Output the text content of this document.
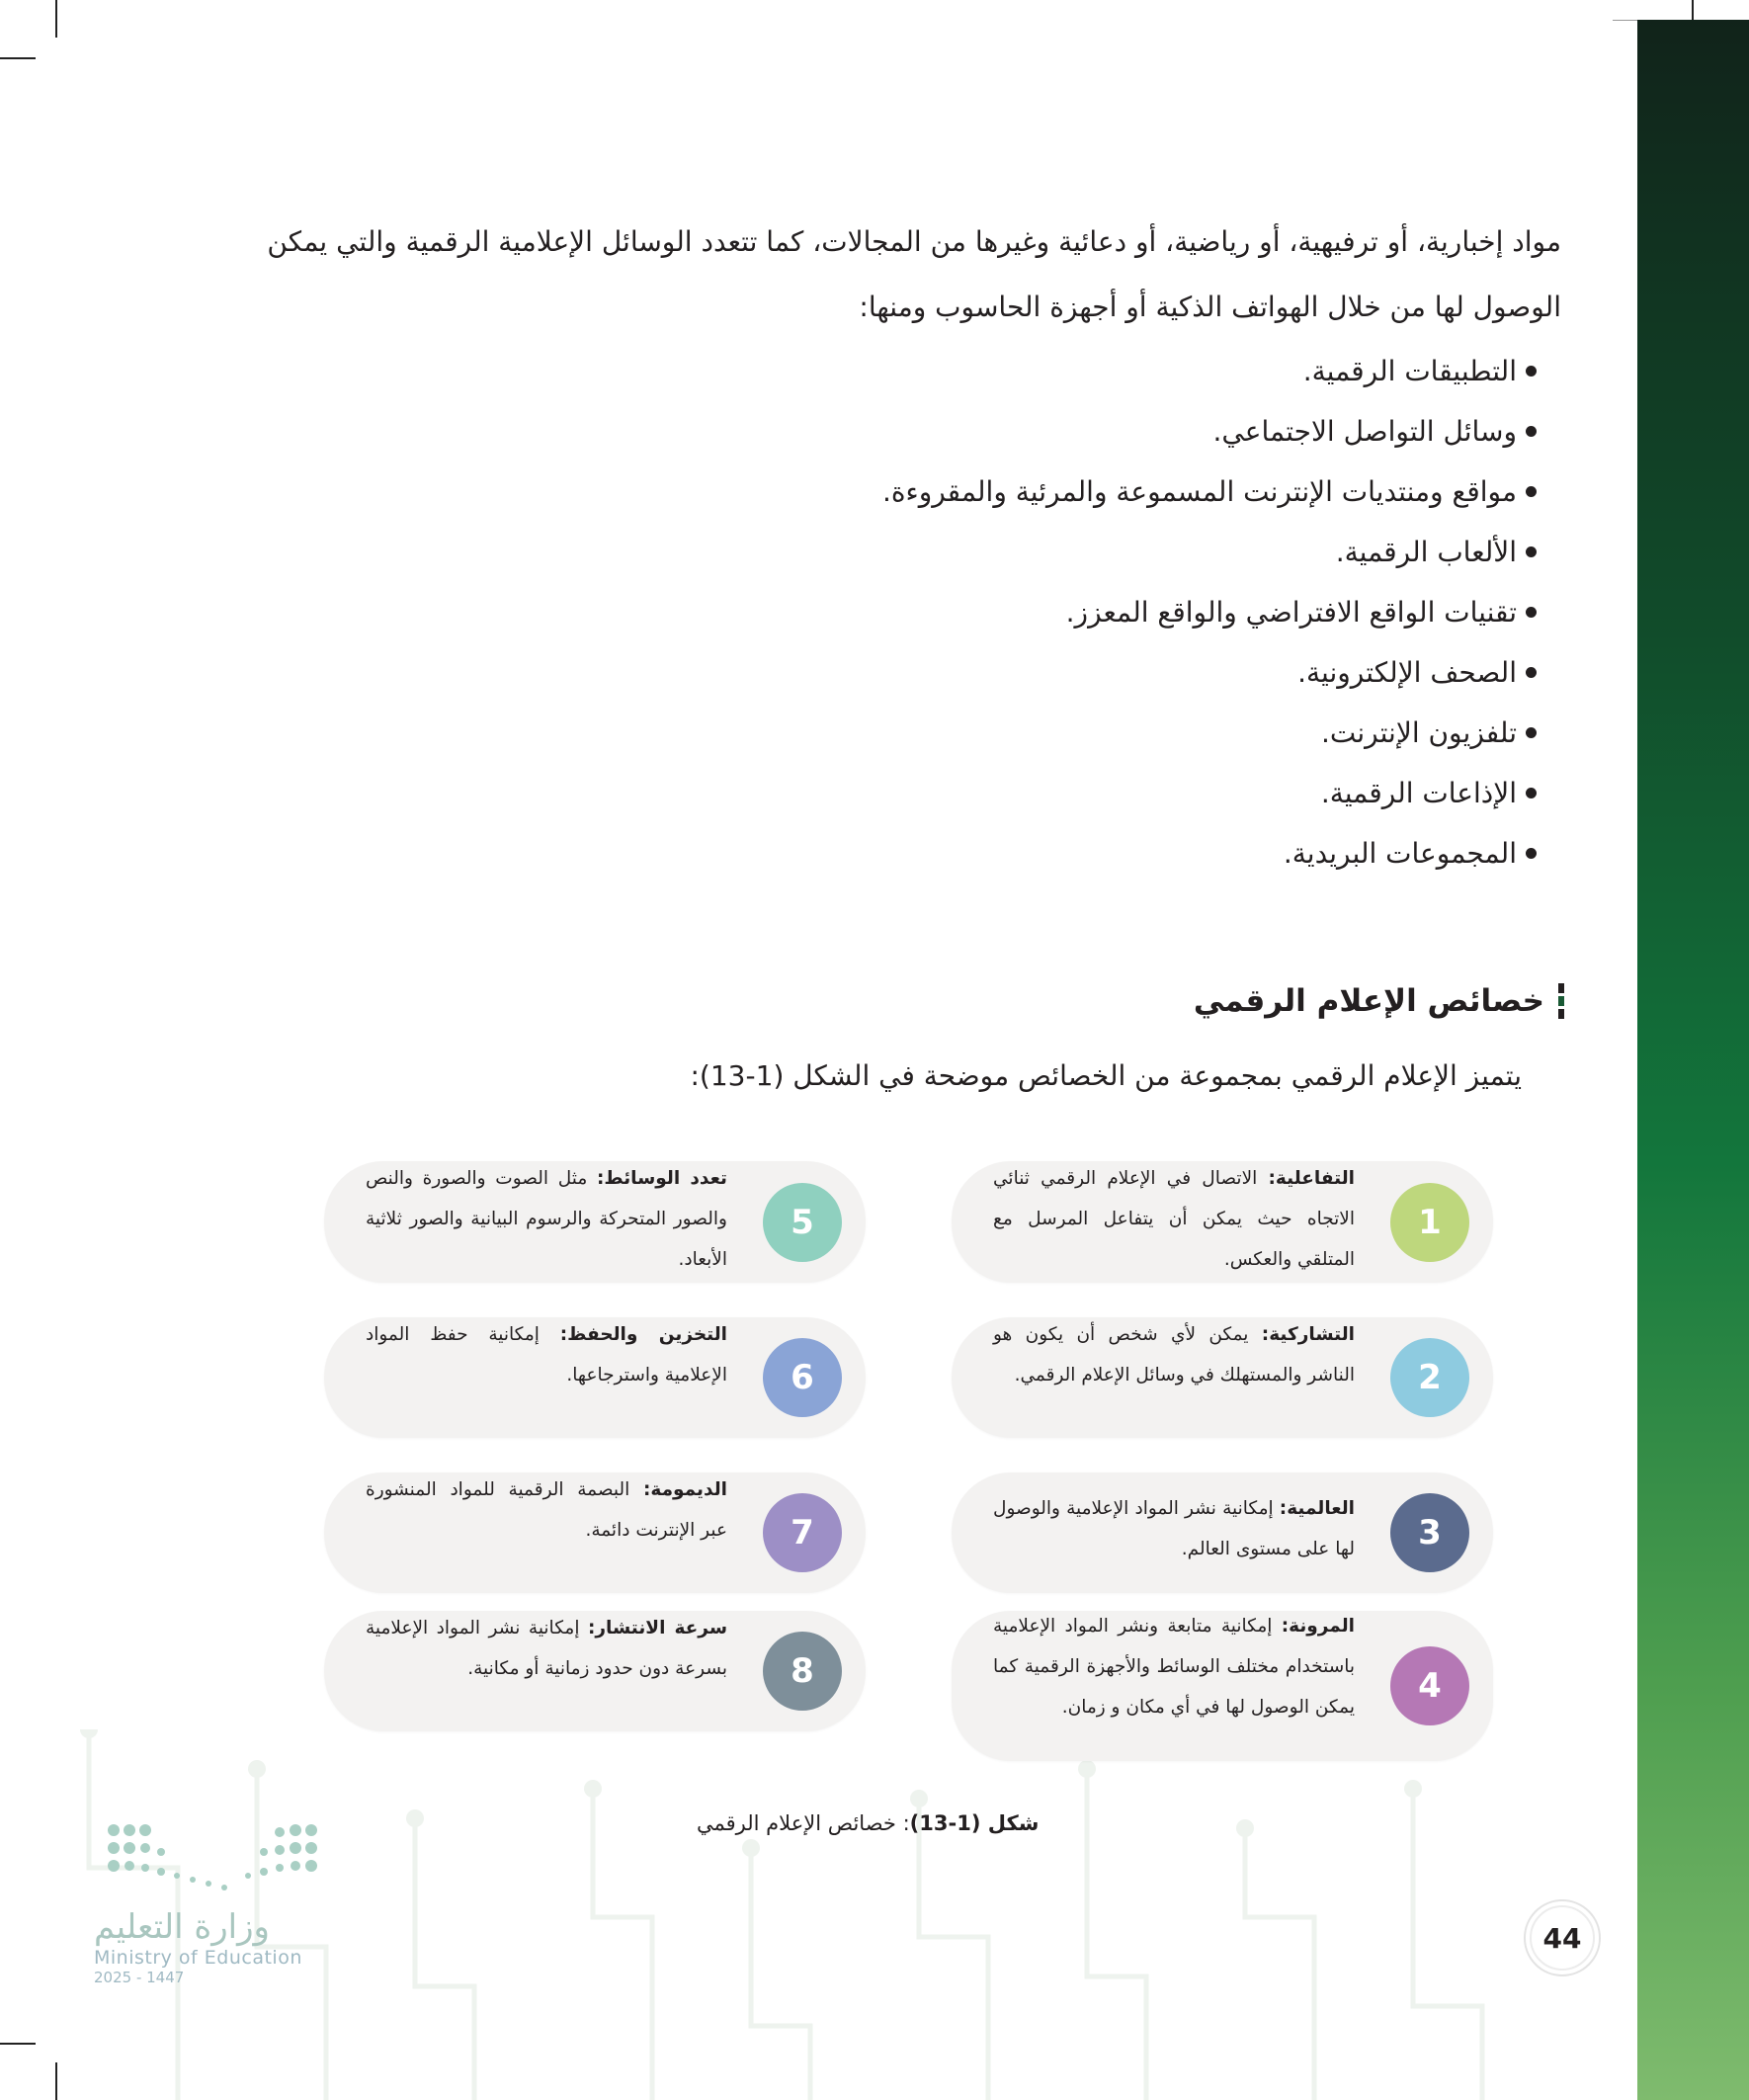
مواد إخبارية، أو ترفيهية، أو رياضية، أو دعائية وغيرها من المجالات، كما تتعدد الوسائل الإعلامية الرقمية والتي يمكن
الوصول لها من خلال الهواتف الذكية أو أجهزة الحاسوب ومنها:

التطبيقات الرقمية.
وسائل التواصل الاجتماعي.
مواقع ومنتديات الإنترنت المسموعة والمرئية والمقروءة.
الألعاب الرقمية.
تقنيات الواقع الافتراضي والواقع المعزز.
الصحف الإلكترونية.
تلفزيون الإنترنت.
الإذاعات الرقمية.
المجموعات البريدية.
خصائص الإعلام الرقمي

يتميز الإعلام الرقمي بمجموعة من الخصائص موضحة في الشكل (1-13):

1

التفاعلية: الاتصال في الإعلام الرقمي ثنائي الاتجاه حيث يمكن أن يتفاعل المرسل مع المتلقي والعكس.

2

التشاركية: يمكن لأي شخص أن يكون هو الناشر والمستهلك في وسائل الإعلام الرقمي.

3

العالمية: إمكانية نشر المواد الإعلامية والوصول لها على مستوى العالم.

4

المرونة: إمكانية متابعة ونشر المواد الإعلامية باستخدام مختلف الوسائط والأجهزة الرقمية كما يمكن الوصول لها في أي مكان و زمان.

5

تعدد الوسائط: مثل الصوت والصورة والنص والصور المتحركة والرسوم البيانية والصور ثلاثية الأبعاد.

6

التخزين والحفظ: إمكانية حفظ المواد الإعلامية واسترجاعها.

7

الديمومة: البصمة الرقمية للمواد المنشورة عبر الإنترنت دائمة.

8

سرعة الانتشار: إمكانية نشر المواد الإعلامية بسرعة دون حدود زمانية أو مكانية.

شكل (1-13): خصائص الإعلام الرقمي

وزارة التعليم
Ministry of Education
2025 - 1447
44
